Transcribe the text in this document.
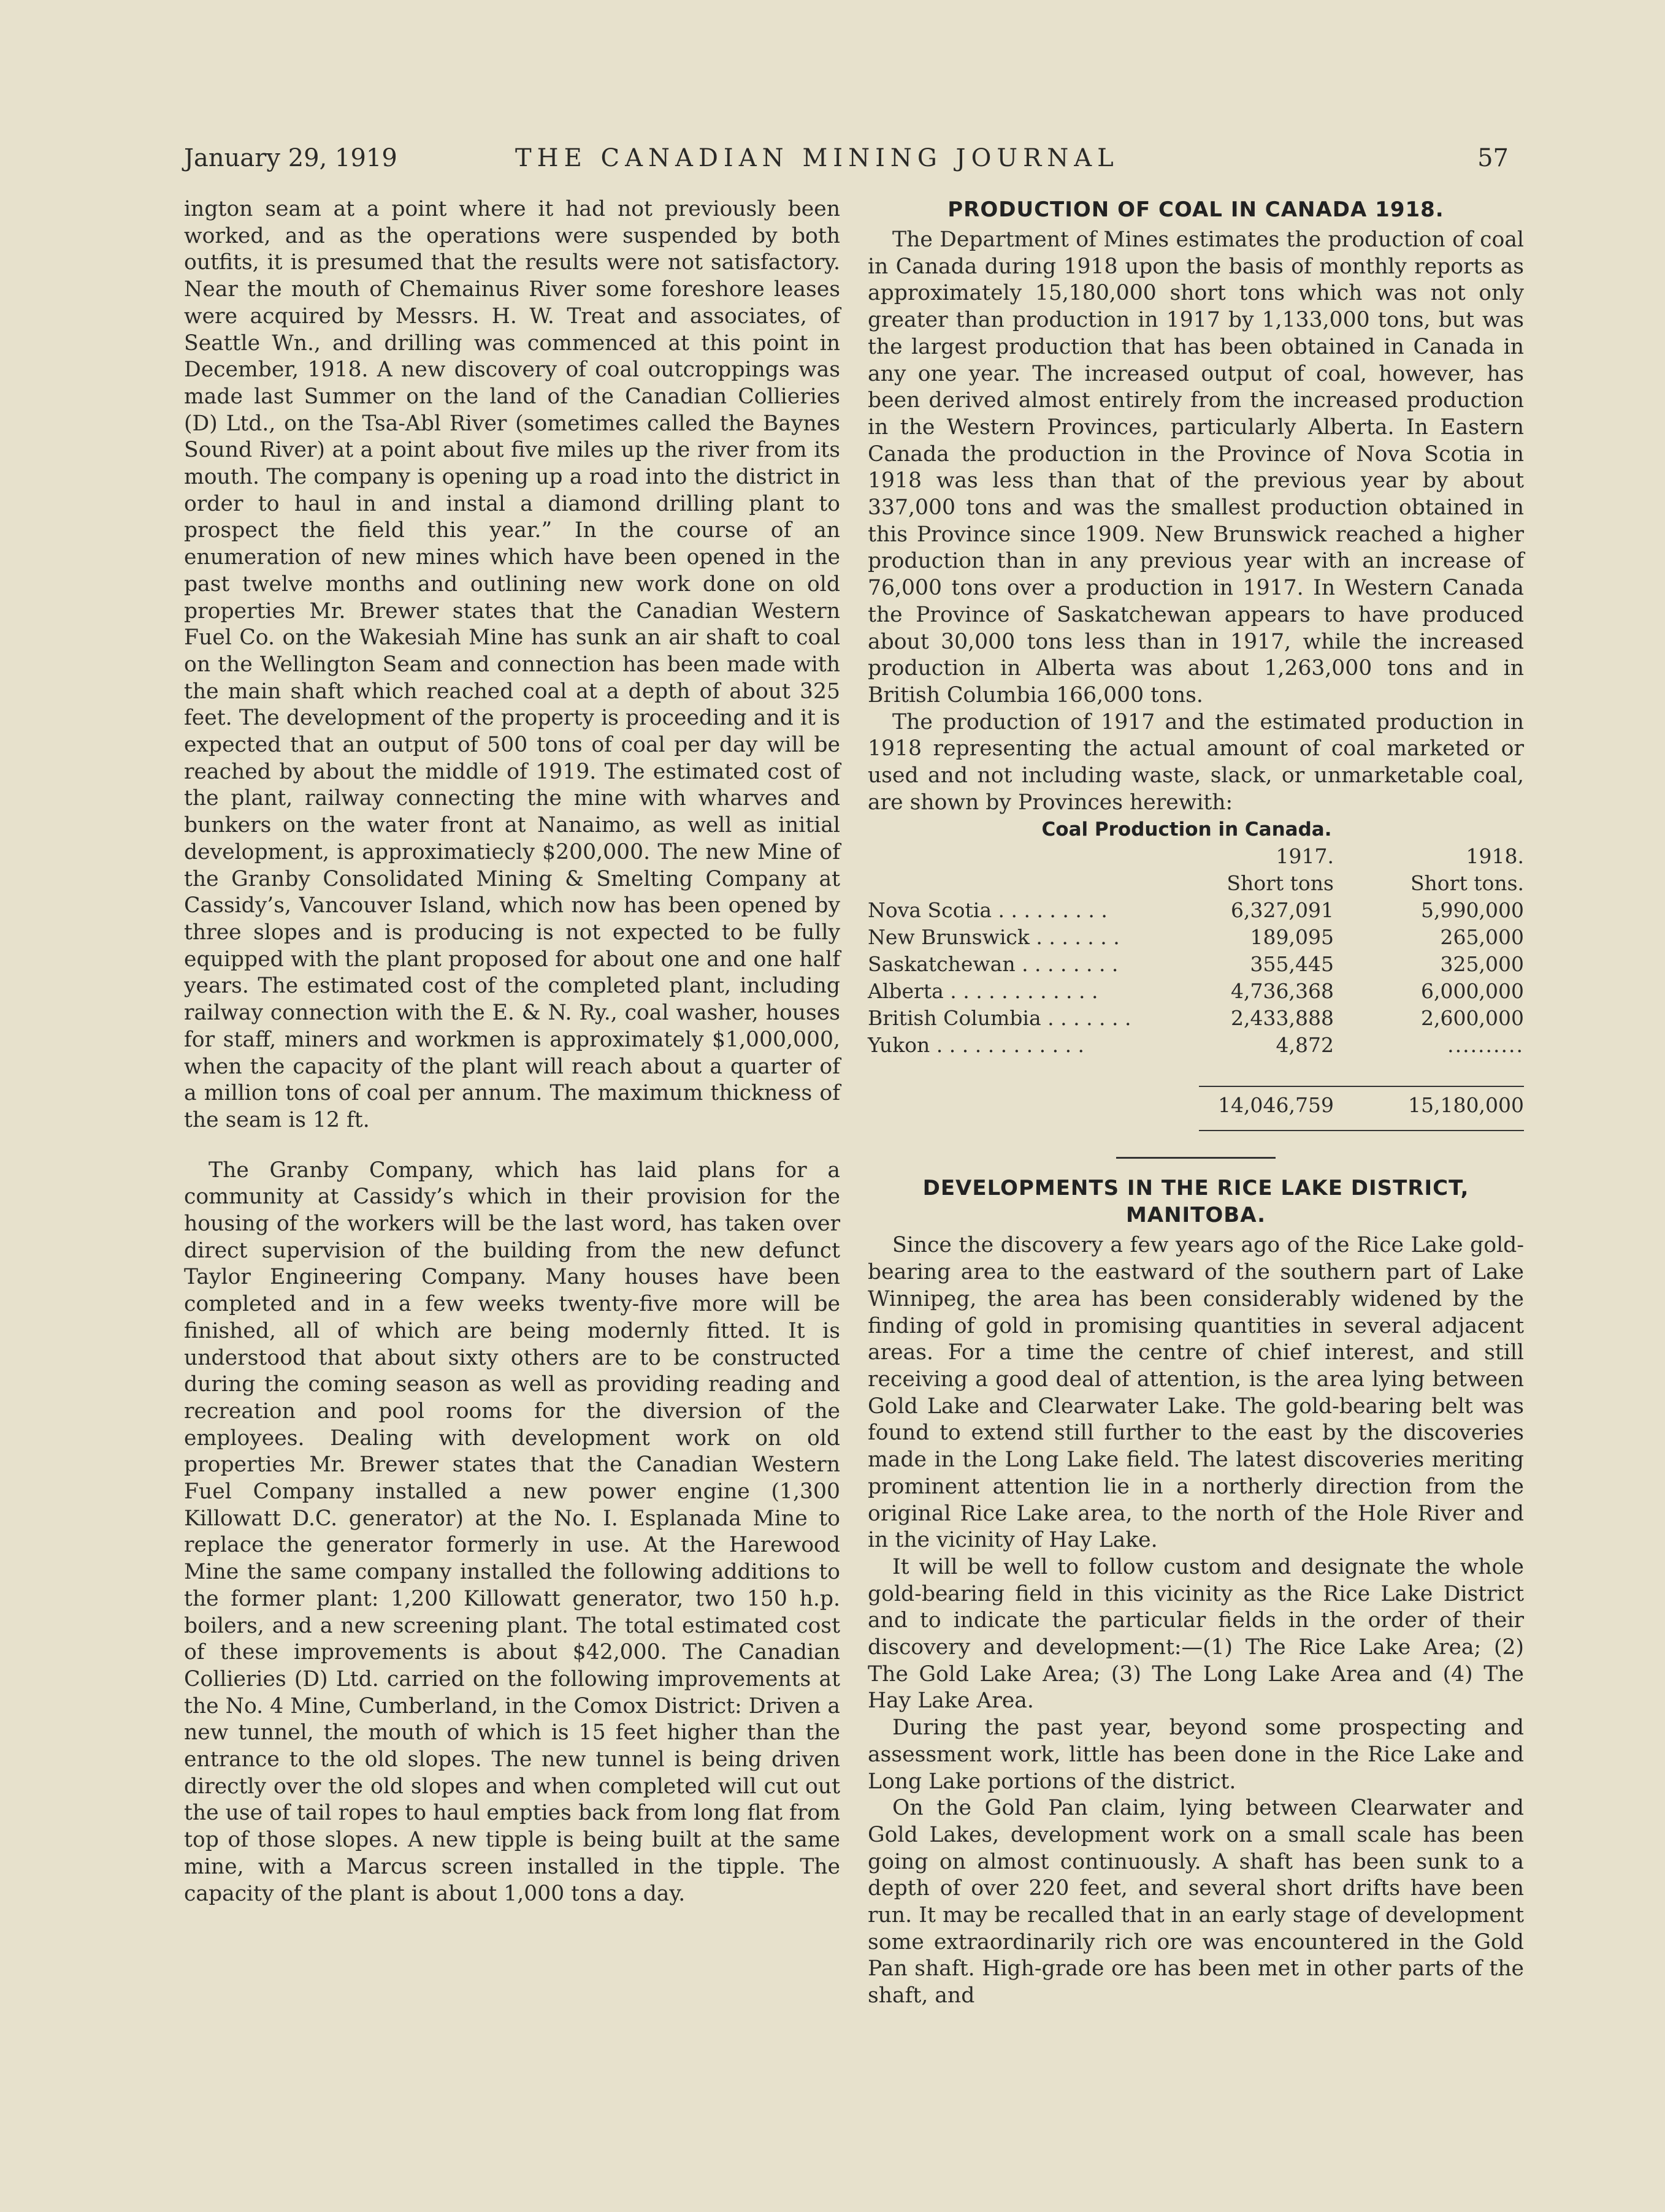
January 29, 1919	THE CANADIAN MINING JOURNAL	57

ington seam at a point where it had not previously been worked, and as the operations were suspended by both outfits, it is presumed that the results were not satisfactory. Near the mouth of Chemainus River some foreshore leases were acquired by Messrs. H. W. Treat and associates, of Seattle Wn., and drilling was commenced at this point in December, 1918. A new discovery of coal outcroppings was made last Summer on the land of the Canadian Collieries (D) Ltd., on the Tsa-Abl River (sometimes called the Baynes Sound River) at a point about five miles up the river from its mouth. The company is opening up a road into the district in order to haul in and instal a diamond drilling plant to prospect the field this year.” In the course of an enumeration of new mines which have been opened in the past twelve months and outlining new work done on old properties Mr. Brewer states that the Canadian Western Fuel Co. on the Wakesiah Mine has sunk an air shaft to coal on the Wellington Seam and connection has been made with the main shaft which reached coal at a depth of about 325 feet. The development of the property is proceeding and it is expected that an output of 500 tons of coal per day will be reached by about the middle of 1919. The estimated cost of the plant, railway connecting the mine with wharves and bunkers on the water front at Nanaimo, as well as initial development, is approximatiecly $200,000. The new Mine of the Granby Consolidated Mining & Smelting Company at Cassidy’s, Vancouver Island, which now has been opened by three slopes and is producing is not expected to be fully equipped with the plant proposed for about one and one half years. The estimated cost of the completed plant, including railway connection with the E. & N. Ry., coal washer, houses for staff, miners and workmen is approximately $1,000,000, when the capacity of the plant will reach about a quarter of a million tons of coal per annum. The maximum thickness of the seam is 12 ft.

The Granby Company, which has laid plans for a community at Cassidy’s which in their provision for the housing of the workers will be the last word, has taken over direct supervision of the building from the new defunct Taylor Engineering Company. Many houses have been completed and in a few weeks twenty-five more will be finished, all of which are being modernly fitted. It is understood that about sixty others are to be constructed during the coming season as well as providing reading and recreation and pool rooms for the diversion of the employees. Dealing with development work on old properties Mr. Brewer states that the Canadian Western Fuel Company installed a new power engine (1,300 Killowatt D.C. generator) at the No. I. Esplanada Mine to replace the generator formerly in use. At the Harewood Mine the same company installed the following additions to the former plant: 1,200 Killowatt generator, two 150 h.p. boilers, and a new screening plant. The total estimated cost of these improvements is about $42,000. The Canadian Collieries (D) Ltd. carried on the following improvements at the No. 4 Mine, Cumberland, in the Comox District: Driven a new tunnel, the mouth of which is 15 feet higher than the entrance to the old slopes. The new tunnel is being driven directly over the old slopes and when completed will cut out the use of tail ropes to haul empties back from long flat from top of those slopes. A new tipple is being built at the same mine, with a Marcus screen installed in the tipple. The capacity of the plant is about 1,000 tons a day.

PRODUCTION OF COAL IN CANADA 1918.

The Department of Mines estimates the production of coal in Canada during 1918 upon the basis of monthly reports as approximately 15,180,000 short tons which was not only greater than production in 1917 by 1,133,000 tons, but was the largest production that has been obtained in Canada in any one year. The increased output of coal, however, has been derived almost entirely from the increased production in the Western Provinces, particularly Alberta. In Eastern Canada the production in the Province of Nova Scotia in 1918 was less than that of the previous year by about 337,000 tons and was the smallest production obtained in this Province since 1909. New Brunswick reached a higher production than in any previous year with an increase of 76,000 tons over a production in 1917. In Western Canada the Province of Saskatchewan appears to have produced about 30,000 tons less than in 1917, while the increased production in Alberta was about 1,263,000 tons and in British Columbia 166,000 tons.

The production of 1917 and the estimated production in 1918 representing the actual amount of coal marketed or used and not including waste, slack, or unmarketable coal, are shown by Provinces herewith:

Coal Production in Canada.
	1917.	1918.
	Short tons	Short tons.
Nova Scotia . . . . . . . . .	6,327,091	5,990,000
New Brunswick . . . . . . .	189,095	265,000
Saskatchewan . . . . . . . .	355,445	325,000
Alberta . . . . . . . . . . . .	4,736,368	6,000,000
British Columbia . . . . . . .	2,433,888	2,600,000
Yukon . . . . . . . . . . . .	4,872	..........

	14,046,759	15,180,000

DEVELOPMENTS IN THE RICE LAKE DISTRICT,
MANITOBA.

Since the discovery a few years ago of the Rice Lake gold-bearing area to the eastward of the southern part of Lake Winnipeg, the area has been considerably widened by the finding of gold in promising quantities in several adjacent areas. For a time the centre of chief interest, and still receiving a good deal of attention, is the area lying between Gold Lake and Clearwater Lake. The gold-bearing belt was found to extend still further to the east by the discoveries made in the Long Lake field. The latest discoveries meriting prominent attention lie in a northerly direction from the original Rice Lake area, to the north of the Hole River and in the vicinity of Hay Lake.

It will be well to follow custom and designate the whole gold-bearing field in this vicinity as the Rice Lake District and to indicate the particular fields in the order of their discovery and development:—(1) The Rice Lake Area; (2) The Gold Lake Area; (3) The Long Lake Area and (4) The Hay Lake Area.

During the past year, beyond some prospecting and assessment work, little has been done in the Rice Lake and Long Lake portions of the district.

On the Gold Pan claim, lying between Clearwater and Gold Lakes, development work on a small scale has been going on almost continuously. A shaft has been sunk to a depth of over 220 feet, and several short drifts have been run. It may be recalled that in an early stage of development some extraordinarily rich ore was encountered in the Gold Pan shaft. High-grade ore has been met in other parts of the shaft, and
